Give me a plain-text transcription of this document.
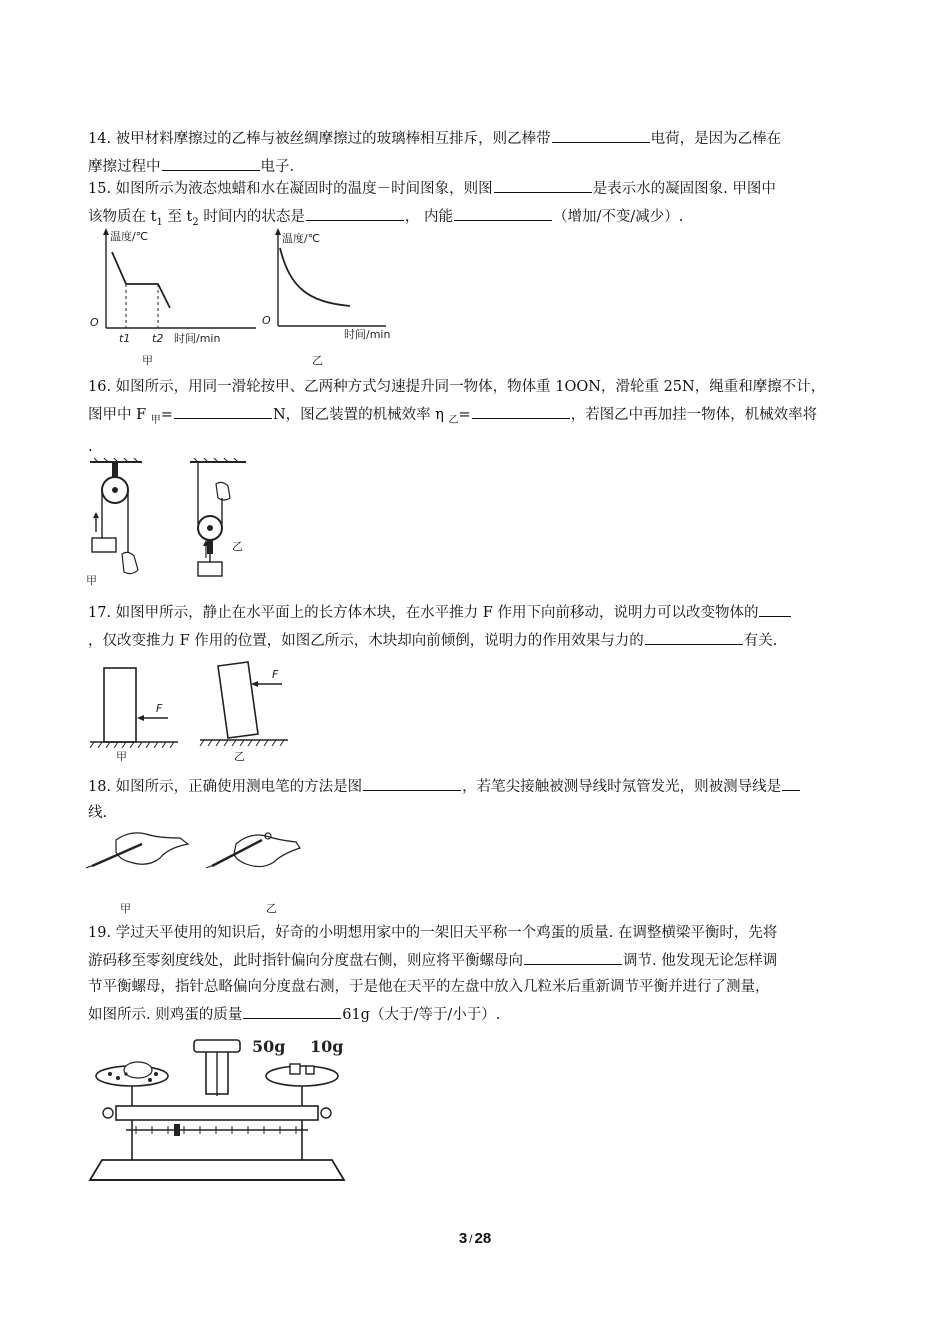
14. 被甲材料摩擦过的乙棒与被丝绸摩擦过的玻璃棒相互排斥，则乙棒带	电荷，是因为乙棒在
摩擦过程中	电子.
15. 如图所示为液态烛蜡和水在凝固时的温度－时间图象，则图	是表示水的凝固图象. 甲图中
该物质在 $t_1$ 至 $t_2$ 时间内的状态是	， 内能	（增加/不变/减少）.
温度/℃
O
t1 t2 时间/min
甲
温度/℃
O
时间/min
乙
16. 如图所示，用同一滑轮按甲、乙两种方式匀速提升同一物体，物体重 1OON，滑轮重 25N，绳重和摩擦不计，
图甲中 F $_甲$=	N，图乙装置的机械效率 η $_乙$=	，若图乙中再加挂一物体，机械效率将
.
甲
乙
17. 如图甲所示，静止在水平面上的长方体木块，在水平推力 F 作用下向前移动，说明力可以改变物体的
，仅改变推力 F 作用的位置，如图乙所示，木块却向前倾倒，说明力的作用效果与力的	有关.
F
甲
F
乙
18. 如图所示，正确使用测电笔的方法是图	，若笔尖接触被测导线时氖管发光，则被测导线是
线.
甲	乙
19. 学过天平使用的知识后，好奇的小明想用家中的一架旧天平称一个鸡蛋的质量. 在调整横梁平衡时，先将
游码移至零刻度线处，此时指针偏向分度盘右侧，则应将平衡螺母向	调节. 他发现无论怎样调
节平衡螺母，指针总略偏向分度盘右测，于是他在天平的左盘中放入几粒米后重新调节平衡并进行了测量，
如图所示. 则鸡蛋的质量	61g（大于/等于/小于）.
50g 10g
3 / 28
